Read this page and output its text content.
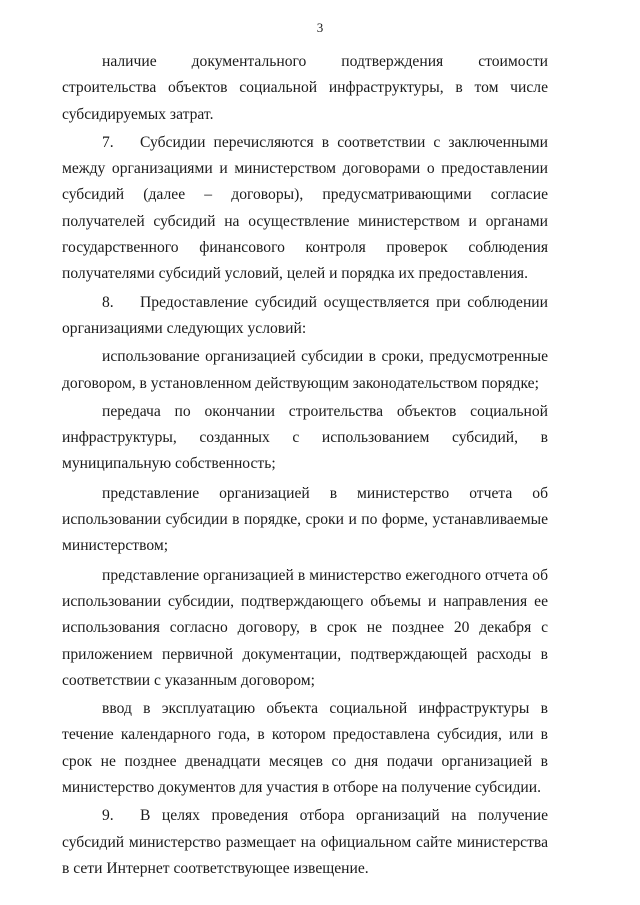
3

наличие документального подтверждения стоимости строительства объектов социальной инфраструктуры, в том числе субсидируемых затрат.

7. Субсидии перечисляются в соответствии с заключенными между организациями и министерством договорами о предоставлении субсидий (далее – договоры), предусматривающими согласие получателей субсидий на осуществление министерством и органами государственного финансового контроля проверок соблюдения получателями субсидий условий, целей и порядка их предоставления.

8. Предоставление субсидий осуществляется при соблюдении организациями следующих условий:

использование организацией субсидии в сроки, предусмотренные договором, в установленном действующим законодательством порядке;

передача по окончании строительства объектов социальной инфраструктуры, созданных с использованием субсидий, в муниципальную собственность;

представление организацией в министерство отчета об использовании субсидии в порядке, сроки и по форме, устанавливаемые министерством;

представление организацией в министерство ежегодного отчета об использовании субсидии, подтверждающего объемы и направления ее использования согласно договору, в срок не позднее 20 декабря с приложением первичной документации, подтверждающей расходы в соответствии с указанным договором;

ввод в эксплуатацию объекта социальной инфраструктуры в течение календарного года, в котором предоставлена субсидия, или в срок не позднее двенадцати месяцев со дня подачи организацией в министерство документов для участия в отборе на получение субсидии.

9. В целях проведения отбора организаций на получение субсидий министерство размещает на официальном сайте министерства в сети Интернет соответствующее извещение.
